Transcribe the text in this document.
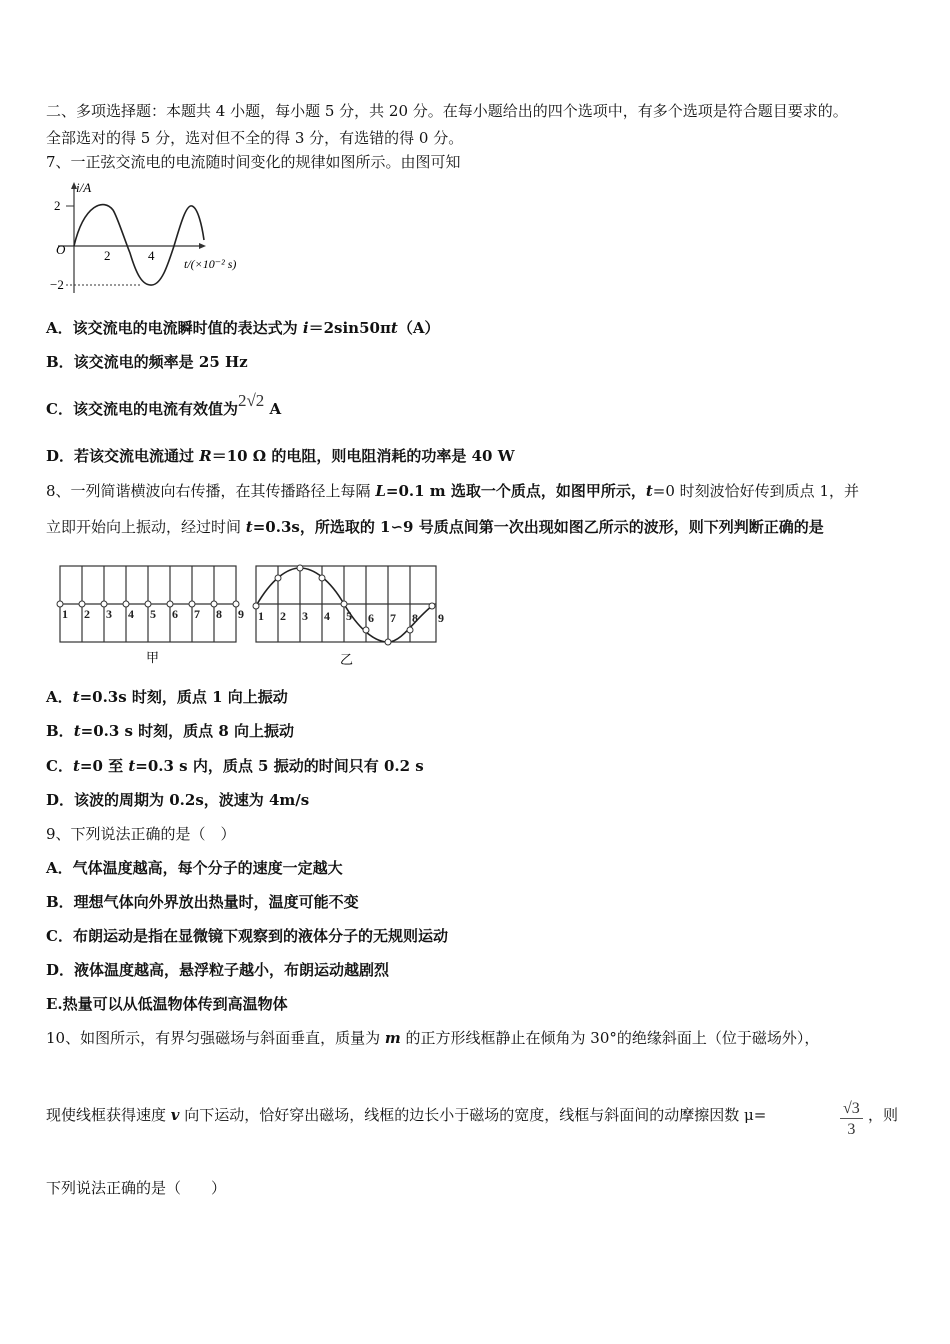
二、多项选择题：本题共 4 小题，每小题 5 分，共 20 分。在每小题给出的四个选项中，有多个选项是符合题目要求的。
全部选对的得 5 分，选对但不全的得 3 分，有选错的得 0 分。
7、一正弦交流电的电流随时间变化的规律如图所示。由图可知
i/A
2
−2
O	2	4
t/(×10⁻² s)
A．该交流电的电流瞬时值的表达式为 i＝2sin50πt（A）
B．该交流电的频率是 25 Hz
C．该交流电的电流有效值为2√2 A
D．若该交流电流通过 R＝10 Ω 的电阻，则电阻消耗的功率是 40 W
8、一列简谐横波向右传播，在其传播路径上每隔 L=0.1 m 选取一个质点，如图甲所示，t=0 时刻波恰好传到质点 1，并
立即开始向上振动，经过时间 t=0.3s，所选取的 1∽9 号质点间第一次出现如图乙所示的波形，则下列判断正确的是
1 2 3 4 5 6 7 8 9
甲
1 2 3 4 5 6 7 8 9
乙
A．t=0.3s 时刻，质点 1 向上振动
B．t=0.3 s 时刻，质点 8 向上振动
C．t=0 至 t=0.3 s 内，质点 5 振动的时间只有 0.2 s
D．该波的周期为 0.2s，波速为 4m/s
9、下列说法正确的是（　）
A．气体温度越高，每个分子的速度一定越大
B．理想气体向外界放出热量时，温度可能不变
C．布朗运动是指在显微镜下观察到的液体分子的无规则运动
D．液体温度越高，悬浮粒子越小，布朗运动越剧烈
E.热量可以从低温物体传到高温物体
10、如图所示，有界匀强磁场与斜面垂直，质量为 m 的正方形线框静止在倾角为 30°的绝缘斜面上（位于磁场外），
现使线框获得速度 v 向下运动，恰好穿出磁场，线框的边长小于磁场的宽度，线框与斜面间的动摩擦因数 μ=	$\frac{√3}{3}$ ，则
下列说法正确的是（　　）
